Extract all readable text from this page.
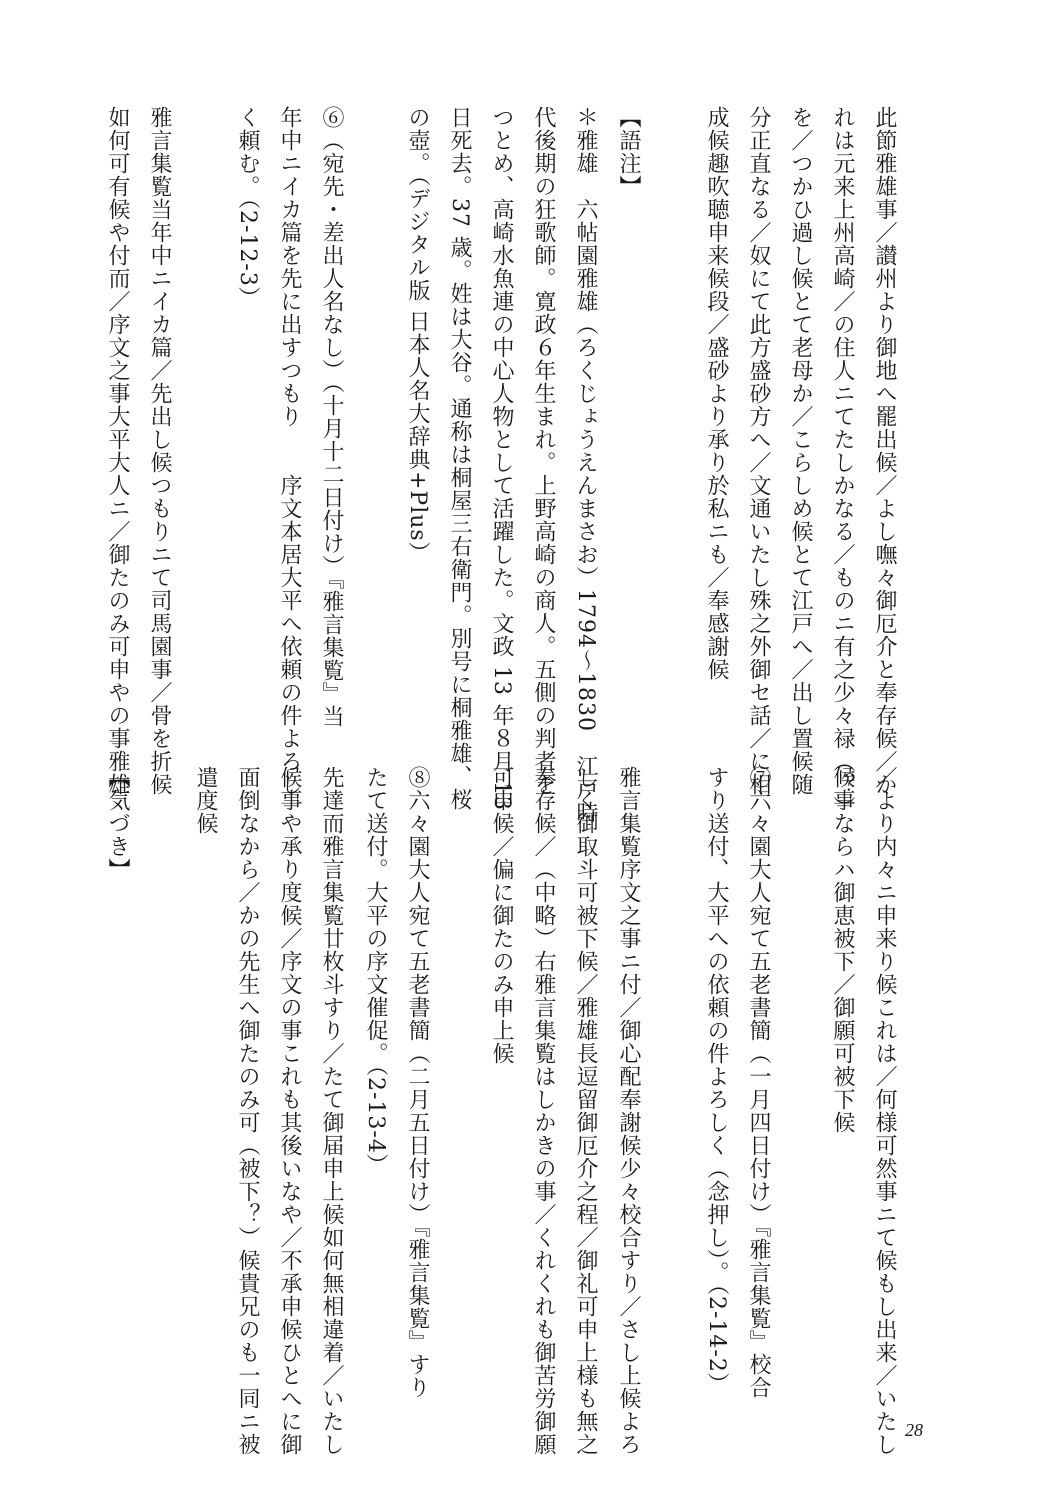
此節雅雄事／讃州より御地へ罷出候／よし嘸々御厄介と奉存候／か
れは元来上州高崎／の住人ニてたしかなる／ものニ有之少々禄（？）
を／つかひ過し候とて老母か／こらしめ候とて江戸へ／出し置候随
分正直なる／奴にて此方盛砂方へ／文通いたし殊之外御セ話／に相
成候趣吹聴申来候段／盛砂より承り於私ニも／奉感謝候
【語注】
＊雅雄　六帖園雅雄（ろくじょうえんまさお）1794〜1830　江戸時
代後期の狂歌師。寛政６年生まれ。上野高崎の商人。五側の判者を
つとめ、高崎水魚連の中心人物として活躍した。文政 13 年８月 13
日死去。37 歳。姓は大谷。通称は桐屋三右衛門。別号に桐雅雄、桜
の壺。（デジタル版 日本人名大辞典+Plus）
⑥（宛先・差出人名なし）（十月十二日付け）『雅言集覧』当
年中ニイカ篇を先に出すつもり　　序文本居大平へ依頼の件よろし
く頼む。（2-12-3）
雅言集覧当年中ニイカ篇／先出し候つもりニて司馬園事／骨を折候
如何可有候や付而／序文之事大平大人ニ／御たのみ可申やの事雅雄
／より内々ニ申来り候これは／何様可然事ニて候もし出来／いたし
候事ならハ御恵被下／御願可被下候
⑦六々園大人宛て五老書簡（一月四日付け）『雅言集覧』校合
すり送付、大平への依頼の件よろしく（念押し）。（2-14-2）
雅言集覧序文之事ニ付／御心配奉謝候少々校合すり／さし上候よろ
しく御取斗可被下候／雅雄長逗留御厄介之程／御礼可申上様も無之
奉存候／（中略）右雅言集覧はしかきの事／くれくれも御苦労御願
可申候／偏に御たのみ申上候
⑧六々園大人宛て五老書簡（二月五日付け）『雅言集覧』すり
たて送付。大平の序文催促。（2-13-4）
先達而雅言集覧廿枚斗すり／たて御届申上候如何無相違着／いたし
候事や承り度候／序文の事これも其後いなや／不承申候ひとへに御
面倒なから／かの先生へ御たのみ可（被下？）候貴兄のも一同ニ被
遣度候
【気づき】
28
